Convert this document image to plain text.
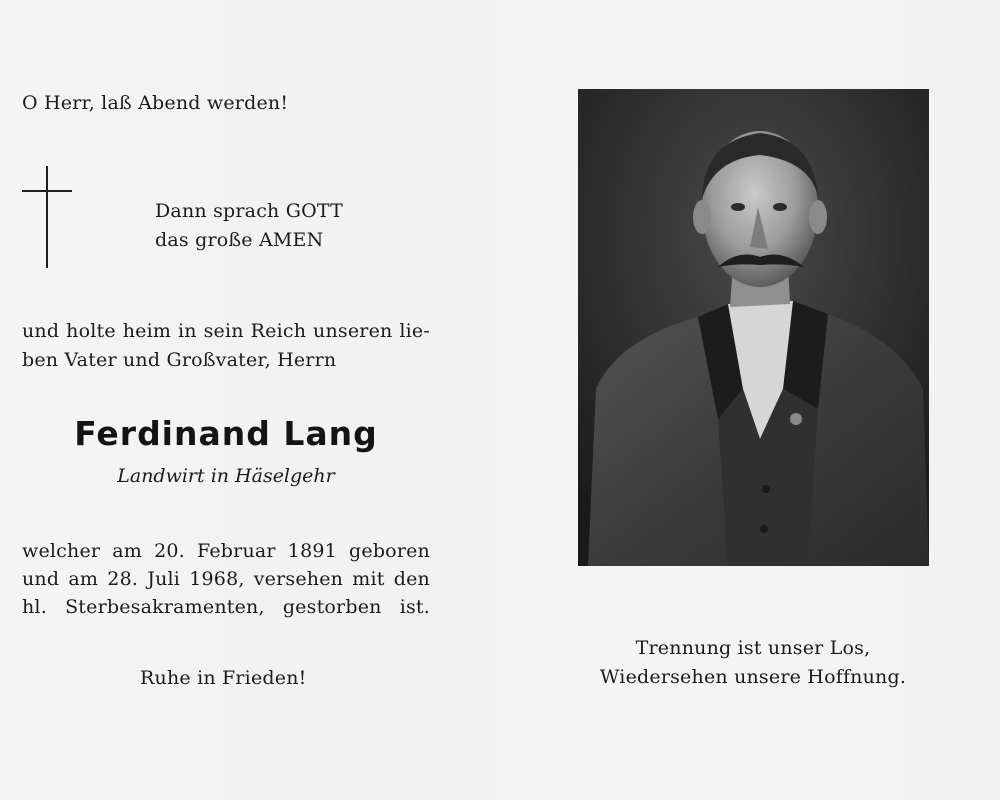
O Herr, laß Abend werden!
Dann sprach GOTT
das große AMEN
und holte heim in sein Reich unseren lie-
ben Vater und Großvater, Herrn
Ferdinand Lang
Landwirt in Häselgehr
welcher am 20. Februar 1891 geboren
und am 28. Juli 1968, versehen mit den
hl. Sterbesakramenten, gestorben ist.
Ruhe in Frieden!
Trennung ist unser Los,
Wiedersehen unsere Hoffnung.
